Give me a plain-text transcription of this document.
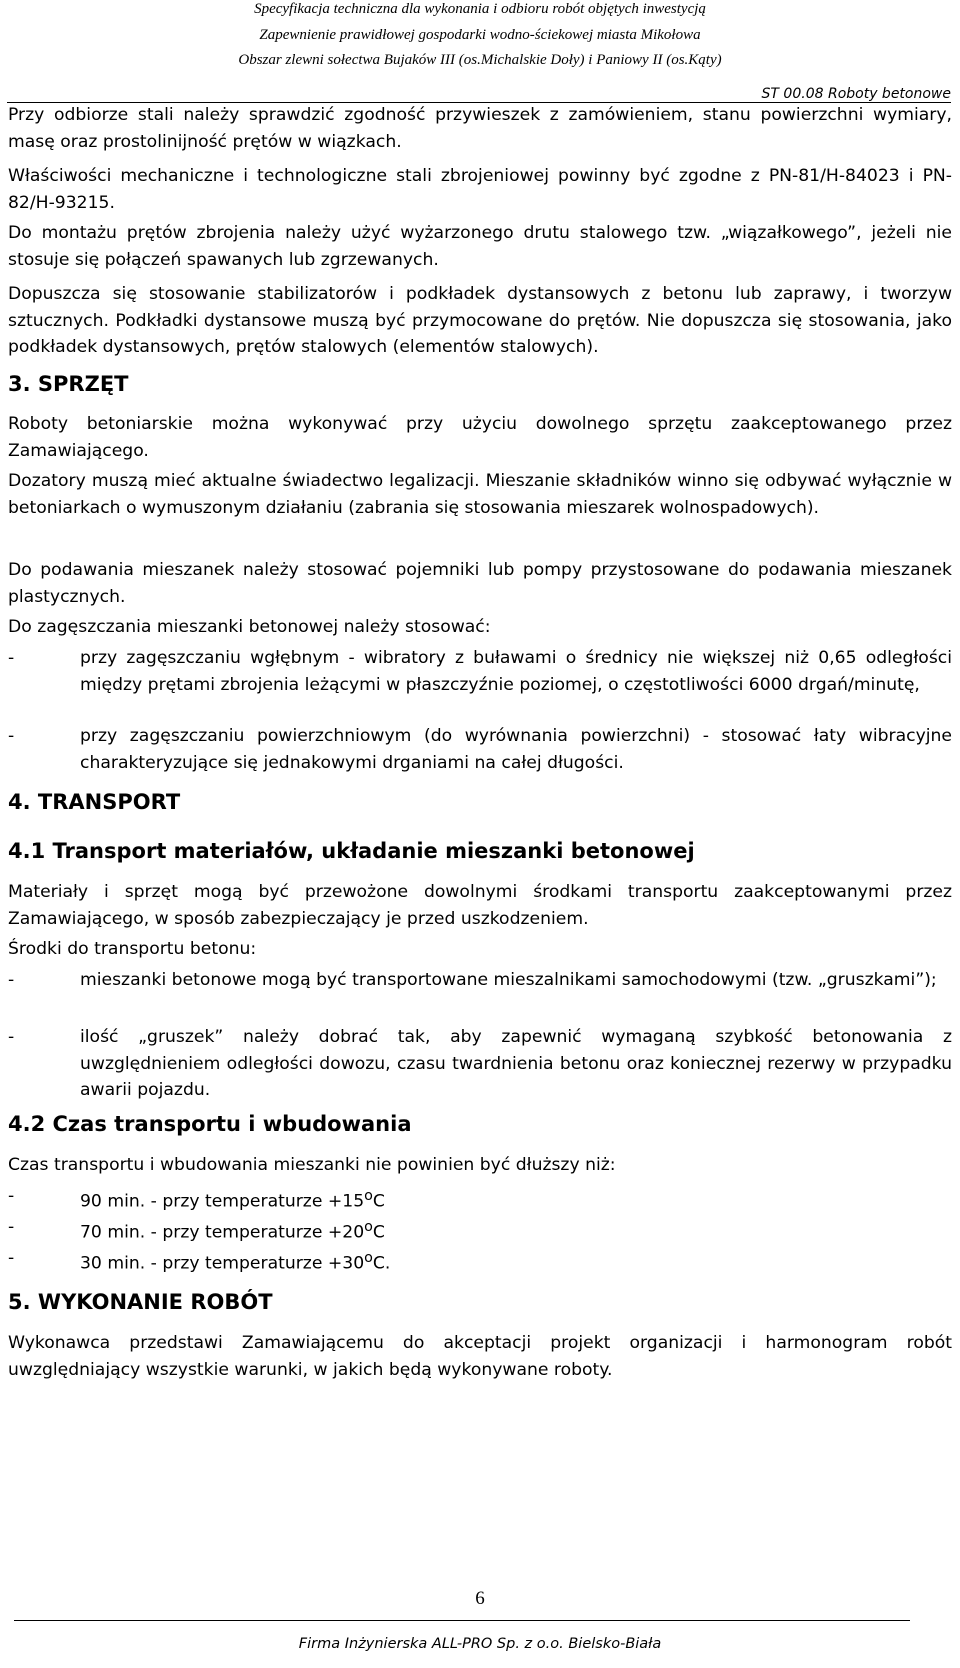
Specyfikacja techniczna dla wykonania i odbioru robót objętych inwestycją
Zapewnienie prawidłowej gospodarki wodno-ściekowej miasta Mikołowa
Obszar zlewni sołectwa Bujaków III (os.Michalskie Doły) i Paniowy II (os.Kąty)
ST 00.08 Roboty betonowe

Przy odbiorze stali należy sprawdzić zgodność przywieszek z zamówieniem, stanu powierzchni wymiary, masę oraz prostolinijność prętów w wiązkach.

Właściwości mechaniczne i technologiczne stali zbrojeniowej powinny być zgodne z PN-81/H-84023 i PN-82/H-93215.

Do montażu prętów zbrojenia należy użyć wyżarzonego drutu stalowego tzw. „wiązałkowego”, jeżeli nie stosuje się połączeń spawanych lub zgrzewanych.

Dopuszcza się stosowanie stabilizatorów i podkładek dystansowych z betonu lub zaprawy, i tworzyw sztucznych. Podkładki dystansowe muszą być przymocowane do prętów. Nie dopuszcza się stosowania, jako podkładek dystansowych, prętów stalowych (elementów stalowych).

3. SPRZĘT

Roboty betoniarskie można wykonywać przy użyciu dowolnego sprzętu zaakceptowanego przez Zamawiającego.

Dozatory muszą mieć aktualne świadectwo legalizacji. Mieszanie składników winno się odbywać wyłącznie w betoniarkach o wymuszonym działaniu (zabrania się stosowania mieszarek wolnospadowych).

Do podawania mieszanek należy stosować pojemniki lub pompy przystosowane do podawania mieszanek plastycznych.

Do zagęszczania mieszanki betonowej należy stosować:

-	przy zagęszczaniu wgłębnym - wibratory z buławami o średnicy nie większej niż 0,65 odległości między prętami zbrojenia leżącymi w płaszczyźnie poziomej, o częstotliwości 6000 drgań/minutę,
-	przy zagęszczaniu powierzchniowym (do wyrównania powierzchni) - stosować łaty wibracyjne charakteryzujące się jednakowymi drganiami na całej długości.
4. TRANSPORT
4.1 Transport materiałów, układanie mieszanki betonowej

Materiały i sprzęt mogą być przewożone dowolnymi środkami transportu zaakceptowanymi przez Zamawiającego, w sposób zabezpieczający je przed uszkodzeniem.

Środki do transportu betonu:

-	mieszanki betonowe mogą być transportowane mieszalnikami samochodowymi (tzw. „gruszkami”);
-	ilość „gruszek” należy dobrać tak, aby zapewnić wymaganą szybkość betonowania z uwzględnieniem odległości dowozu, czasu twardnienia betonu oraz koniecznej rezerwy w przypadku awarii pojazdu.
4.2 Czas transportu i wbudowania

Czas transportu i wbudowania mieszanki nie powinien być dłuższy niż:

-	90 min. - przy temperaturze $+15^oC$
-	70 min. - przy temperaturze $+20^oC$
-	30 min. - przy temperaturze $+30^oC$.
5. WYKONANIE ROBÓT

Wykonawca przedstawi Zamawiającemu do akceptacji projekt organizacji i harmonogram robót uwzględniający wszystkie warunki, w jakich będą wykonywane roboty.

6
Firma Inżynierska ALL-PRO Sp. z o.o. Bielsko-Biała
